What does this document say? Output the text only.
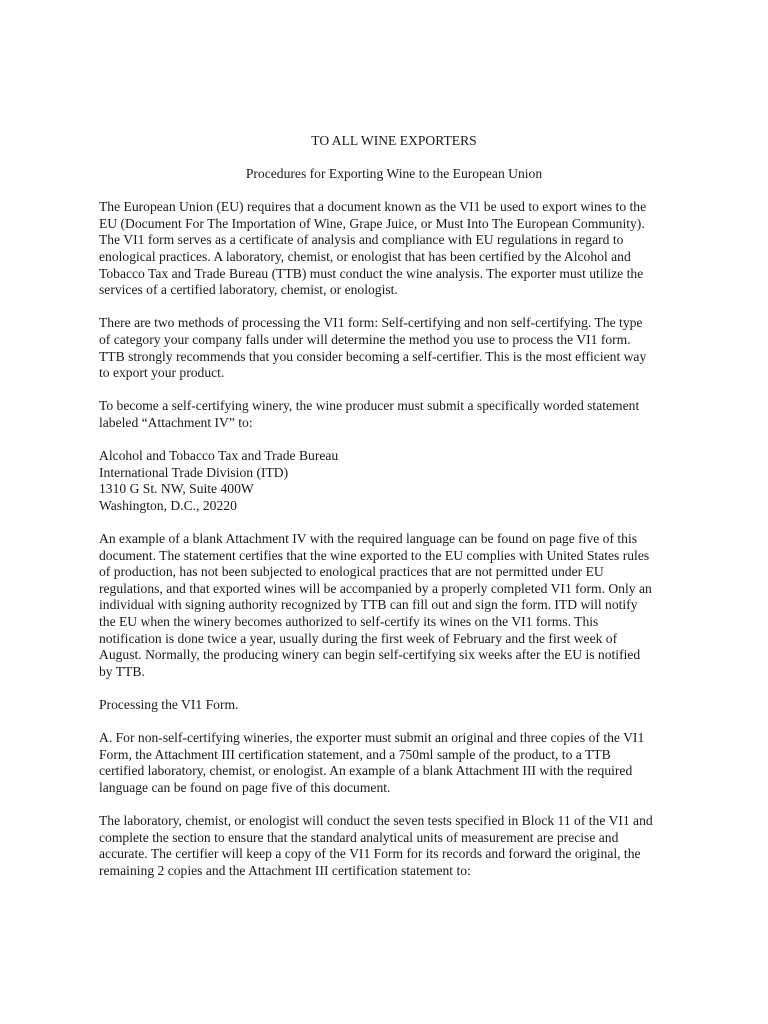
TO ALL WINE EXPORTERS
Procedures for Exporting Wine to the European Union

The European Union (EU) requires that a document known as the VI1 be used to export wines to the
EU (Document For The Importation of Wine, Grape Juice, or Must Into The European Community).
The VI1 form serves as a certificate of analysis and compliance with EU regulations in regard to
enological practices. A laboratory, chemist, or enologist that has been certified by the Alcohol and
Tobacco Tax and Trade Bureau (TTB) must conduct the wine analysis. The exporter must utilize the
services of a certified laboratory, chemist, or enologist.

There are two methods of processing the VI1 form: Self-certifying and non self-certifying. The type
of category your company falls under will determine the method you use to process the VI1 form.
TTB strongly recommends that you consider becoming a self-certifier. This is the most efficient way
to export your product.

To become a self-certifying winery, the wine producer must submit a specifically worded statement
labeled “Attachment IV” to:

Alcohol and Tobacco Tax and Trade Bureau
International Trade Division (ITD)
1310 G St. NW, Suite 400W
Washington, D.C., 20220

An example of a blank Attachment IV with the required language can be found on page five of this
document. The statement certifies that the wine exported to the EU complies with United States rules
of production, has not been subjected to enological practices that are not permitted under EU
regulations, and that exported wines will be accompanied by a properly completed VI1 form. Only an
individual with signing authority recognized by TTB can fill out and sign the form. ITD will notify
the EU when the winery becomes authorized to self-certify its wines on the VI1 forms. This
notification is done twice a year, usually during the first week of February and the first week of
August. Normally, the producing winery can begin self-certifying six weeks after the EU is notified
by TTB.

Processing the VI1 Form.

A. For non-self-certifying wineries, the exporter must submit an original and three copies of the VI1
Form, the Attachment III certification statement, and a 750ml sample of the product, to a TTB
certified laboratory, chemist, or enologist. An example of a blank Attachment III with the required
language can be found on page five of this document.

The laboratory, chemist, or enologist will conduct the seven tests specified in Block 11 of the VI1 and
complete the section to ensure that the standard analytical units of measurement are precise and
accurate. The certifier will keep a copy of the VI1 Form for its records and forward the original, the
remaining 2 copies and the Attachment III certification statement to:
